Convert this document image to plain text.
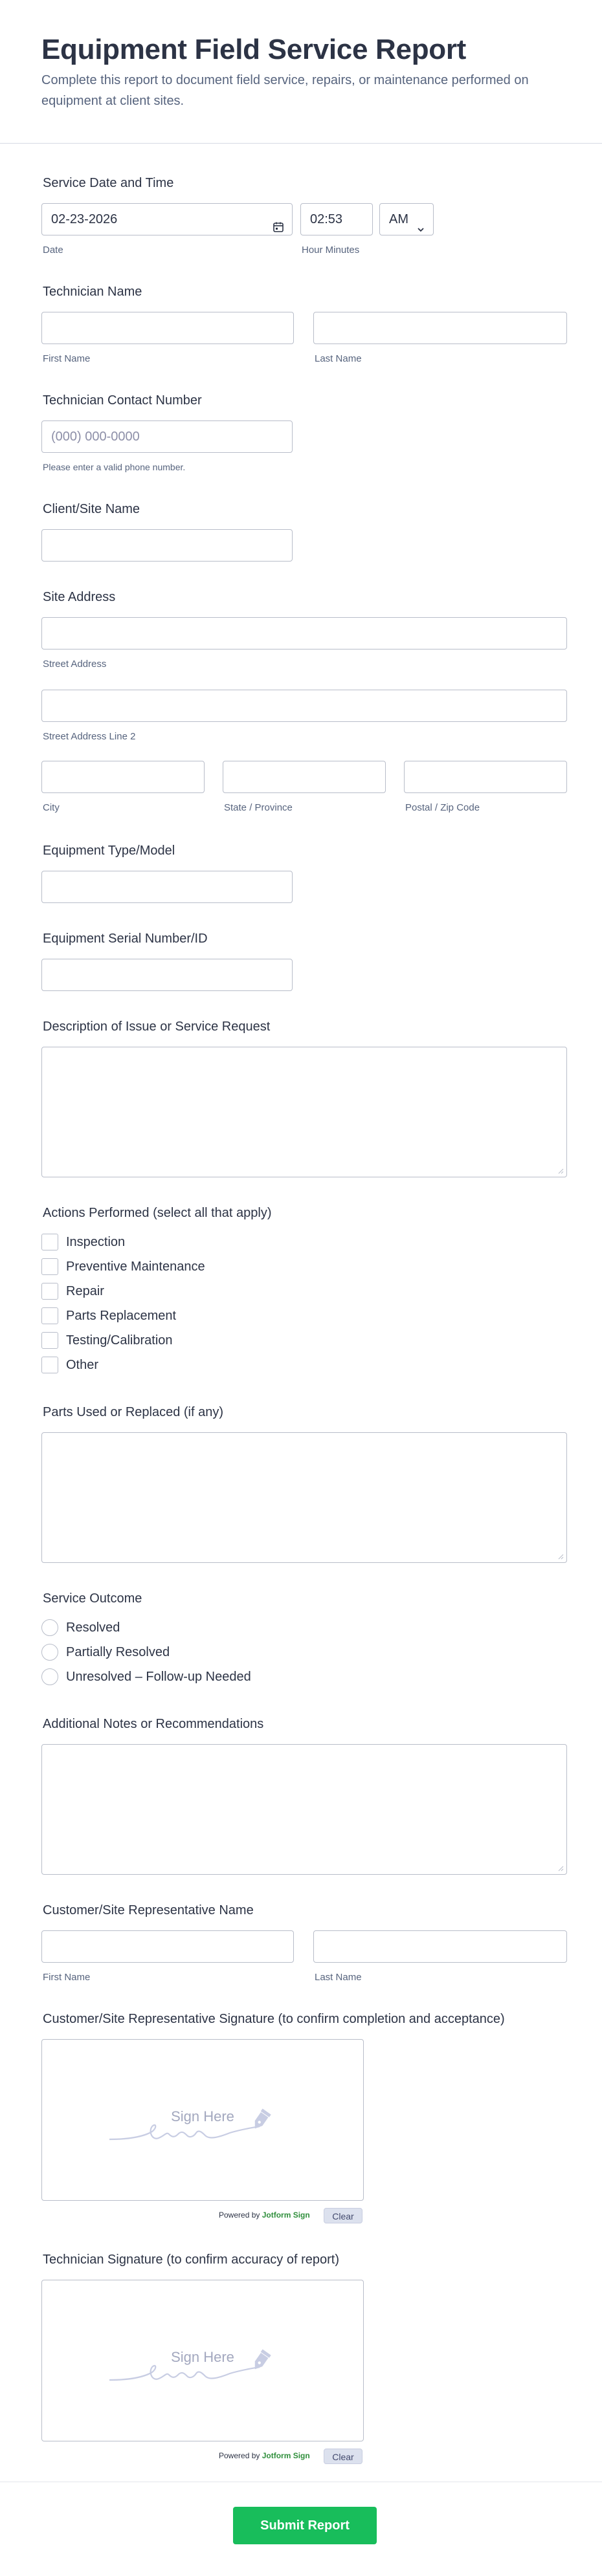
Equipment Field Service Report

Complete this report to document field service, repairs, or maintenance performed on equipment at client sites.

Service Date and Time
02-23-2026
Date
02:53
Hour Minutes
AM
Technician Name
First Name	Last Name
Technician Contact Number
(000) 000-0000
Please enter a valid phone number.
Client/Site Name
Site Address
Street Address
Street Address Line 2
City	State / Province	Postal / Zip Code
Equipment Type/Model
Equipment Serial Number/ID
Description of Issue or Service Request
Actions Performed (select all that apply)
Inspection
Preventive Maintenance
Repair
Parts Replacement
Testing/Calibration
Other
Parts Used or Replaced (if any)
Service Outcome
Resolved
Partially Resolved
Unresolved – Follow-up Needed
Additional Notes or Recommendations
Customer/Site Representative Name
First Name	Last Name
Customer/Site Representative Signature (to confirm completion and acceptance)
Sign Here
Powered by Jotform Sign	Clear
Technician Signature (to confirm accuracy of report)
Sign Here
Powered by Jotform Sign	Clear
Submit Report
